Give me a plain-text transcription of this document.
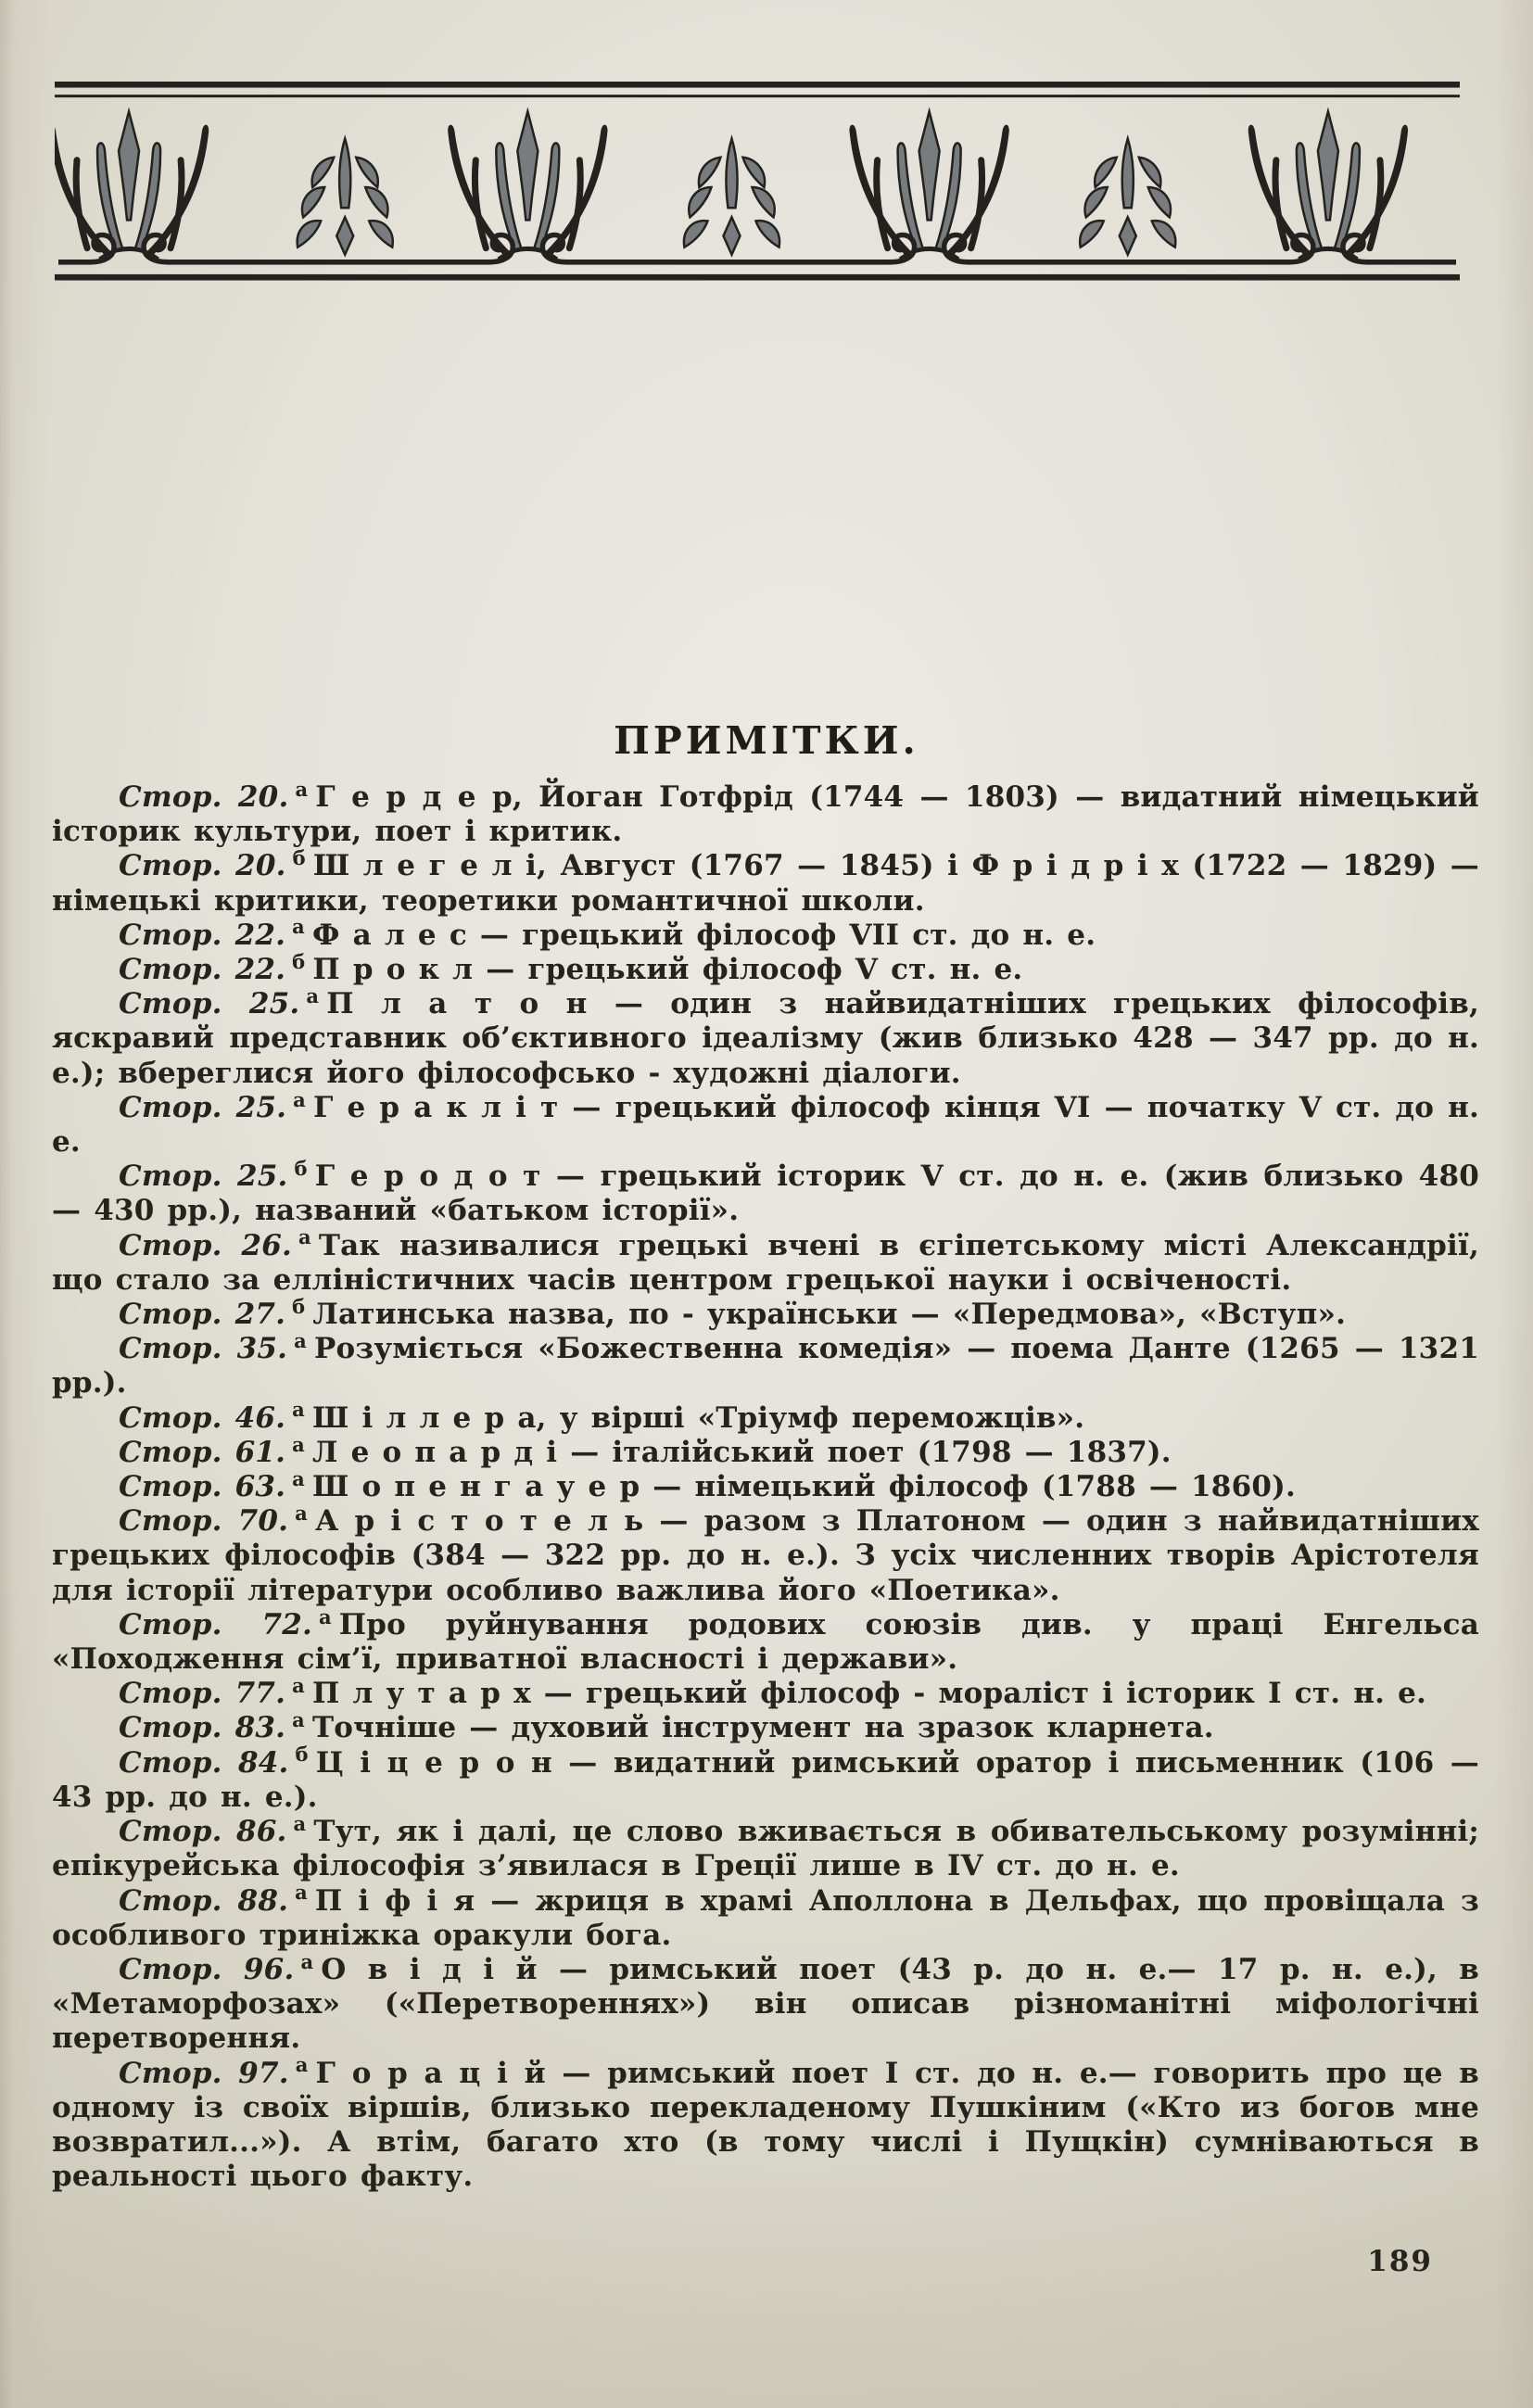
ПРИМІТКИ.

Стор. 20. $^а$ Г е р д е р, Йоган Готфрід (1744 — 1803) — видатний німецький історик культури, поет і критик.

Стор. 20. $^б$ Ш л е г е л і, Август (1767 — 1845) і Ф р і д р і х (1722 — 1829) — німецькі критики, теоретики романтичної школи.

Стор. 22. $^а$ Ф а л е с — грецький філософ VII ст. до н. е.

Стор. 22. $^б$ П р о к л — грецький філософ V ст. н. е.

Стор. 25. $^а$ П л а т о н — один з найвидатніших грецьких філософів, яскравий представник об’єктивного ідеалізму (жив близько 428 — 347 рр. до н. е.); вбереглися його філософсько - художні діалоги.

Стор. 25. $^а$ Г е р а к л і т — грецький філософ кінця VI — початку V ст. до н. е.

Стор. 25. $^б$ Г е р о д о т — грецький історик V ст. до н. е. (жив близько 480 — 430 рр.), названий «батьком історії».

Стор. 26. $^а$ Так називалися грецькі вчені в єгіпетському місті Александрії, що стало за елліністичних часів центром грецької науки і освіченості.

Стор. 27. $^б$ Латинська назва, по - українськи — «Передмова», «Вступ».

Стор. 35. $^а$ Розуміється «Божественна комедія» — поема Данте (1265 — 1321 рр.).

Стор. 46. $^а$ Ш і л л е р а, у вірші «Тріумф переможців».

Стор. 61. $^а$ Л е о п а р д і — італійський поет (1798 — 1837).

Стор. 63. $^а$ Ш о п е н г а у е р — німецький філософ (1788 — 1860).

Стор. 70. $^а$ А р і с т о т е л ь — разом з Платоном — один з найвидатніших грецьких філософів (384 — 322 рр. до н. е.). З усіх численних творів Арістотеля для історії літератури особливо важлива його «Поетика».

Стор. 72. $^а$ Про руйнування родових союзів див. у праці Енгельса «Походження сім’ї, приватної власності і держави».

Стор. 77. $^а$ П л у т а р х — грецький філософ - мораліст і історик I ст. н. е.

Стор. 83. $^а$ Точніше — духовий інструмент на зразок кларнета.

Стор. 84. $^б$ Ц і ц е р о н — видатний римський оратор і письменник (106 — 43 рр. до н. е.).

Стор. 86. $^а$ Тут, як і далі, це слово вживається в обивательському розумінні; епікурейська філософія з’явилася в Греції лише в IV ст. до н. е.

Стор. 88. $^а$ П і ф і я — жриця в храмі Аполлона в Дельфах, що провіщала з особливого триніжка оракули бога.

Стор. 96. $^а$ О в і д і й — римський поет (43 р. до н. е.— 17 р. н. е.), в «Метаморфозах» («Перетвореннях») він описав різноманітні міфологічні перетворення.

Стор. 97. $^а$ Г о р а ц і й — римський поет I ст. до н. е.— говорить про це в одному із своїх віршів, близько перекладеному Пушкіним («Кто из богов мне возвратил...»). А втім, багато хто (в тому числі і Пущкін) сумніваються в реальності цього факту.

189
